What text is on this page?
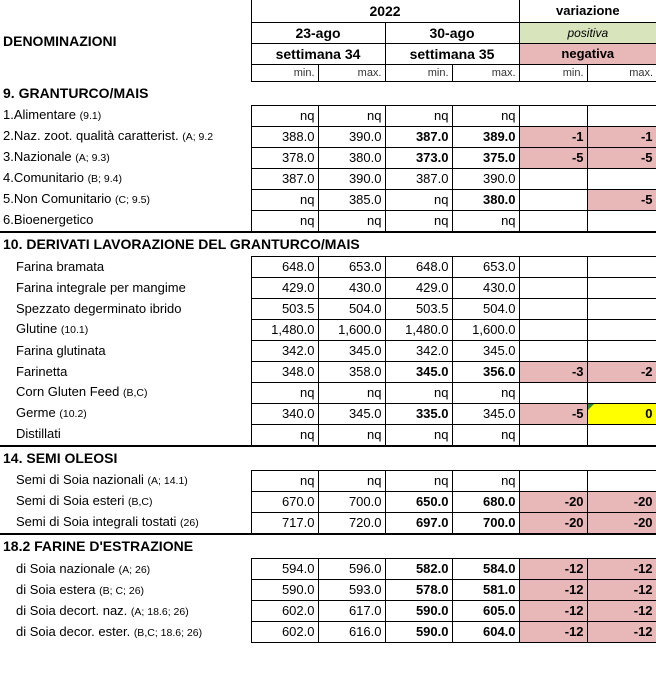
DENOMINAZIONI	2022				variazione	
	23-ago		30-ago		positiva	
	settimana 34		settimana 35		negativa	
	min.	max.	min.	max.	min.	max.
9. GRANTURCO/MAIS						
1.Alimentare (9.1)	nq	nq	nq	nq		
2.Naz. zoot. qualità caratterist. (A; 9.2	388.0	390.0	387.0	389.0	-1	-1
3.Nazionale (A; 9.3)	378.0	380.0	373.0	375.0	-5	-5
4.Comunitario (B; 9.4)	387.0	390.0	387.0	390.0		
5.Non Comunitario (C; 9.5)	nq	385.0	nq	380.0		-5
6.Bioenergetico	nq	nq	nq	nq		
10. DERIVATI LAVORAZIONE DEL GRANTURCO/MAIS						
Farina bramata	648.0	653.0	648.0	653.0		
Farina integrale per mangime	429.0	430.0	429.0	430.0		
Spezzato degerminato ibrido	503.5	504.0	503.5	504.0		
Glutine (10.1)	1,480.0	1,600.0	1,480.0	1,600.0		
Farina glutinata	342.0	345.0	342.0	345.0		
Farinetta	348.0	358.0	345.0	356.0	-3	-2
Corn Gluten Feed (B,C)	nq	nq	nq	nq		
Germe (10.2)	340.0	345.0	335.0	345.0	-5	0
Distillati	nq	nq	nq	nq		
14. SEMI OLEOSI						
Semi di Soia nazionali (A; 14.1)	nq	nq	nq	nq		
Semi di Soia esteri (B,C)	670.0	700.0	650.0	680.0	-20	-20
Semi di Soia integrali tostati (26)	717.0	720.0	697.0	700.0	-20	-20
18.2 FARINE D'ESTRAZIONE						
di Soia nazionale (A; 26)	594.0	596.0	582.0	584.0	-12	-12
di Soia estera (B; C; 26)	590.0	593.0	578.0	581.0	-12	-12
di Soia decort. naz. (A; 18.6; 26)	602.0	617.0	590.0	605.0	-12	-12
di Soia decor. ester. (B,C; 18.6; 26)	602.0	616.0	590.0	604.0	-12	-12
